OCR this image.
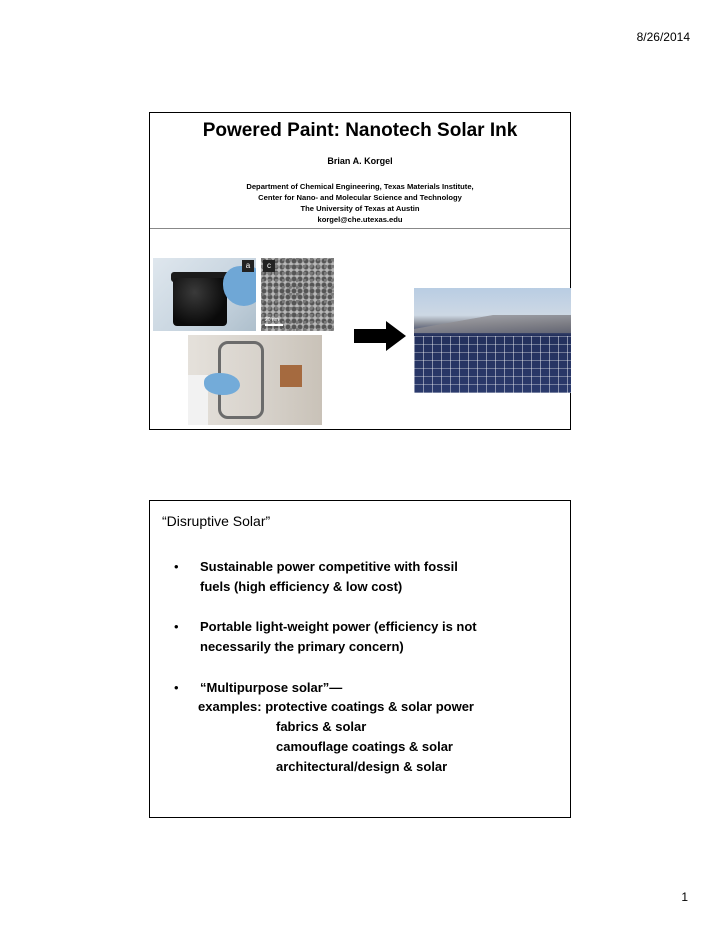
8/26/2014
Powered Paint: Nanotech Solar Ink
Brian A. Korgel
Department of Chemical Engineering, Texas Materials Institute,
Center for Nano- and Molecular Science and Technology
The University of Texas at Austin
korgel@che.utexas.edu
a	c
20 nm
“Disruptive Solar”
• Sustainable power competitive with fossil
fuels (high efficiency & low cost)
• Portable light-weight power (efficiency is not
necessarily the primary concern)
• “Multipurpose solar”—
examples: protective coatings & solar power
fabrics & solar
camouflage coatings & solar
architectural/design & solar
1
